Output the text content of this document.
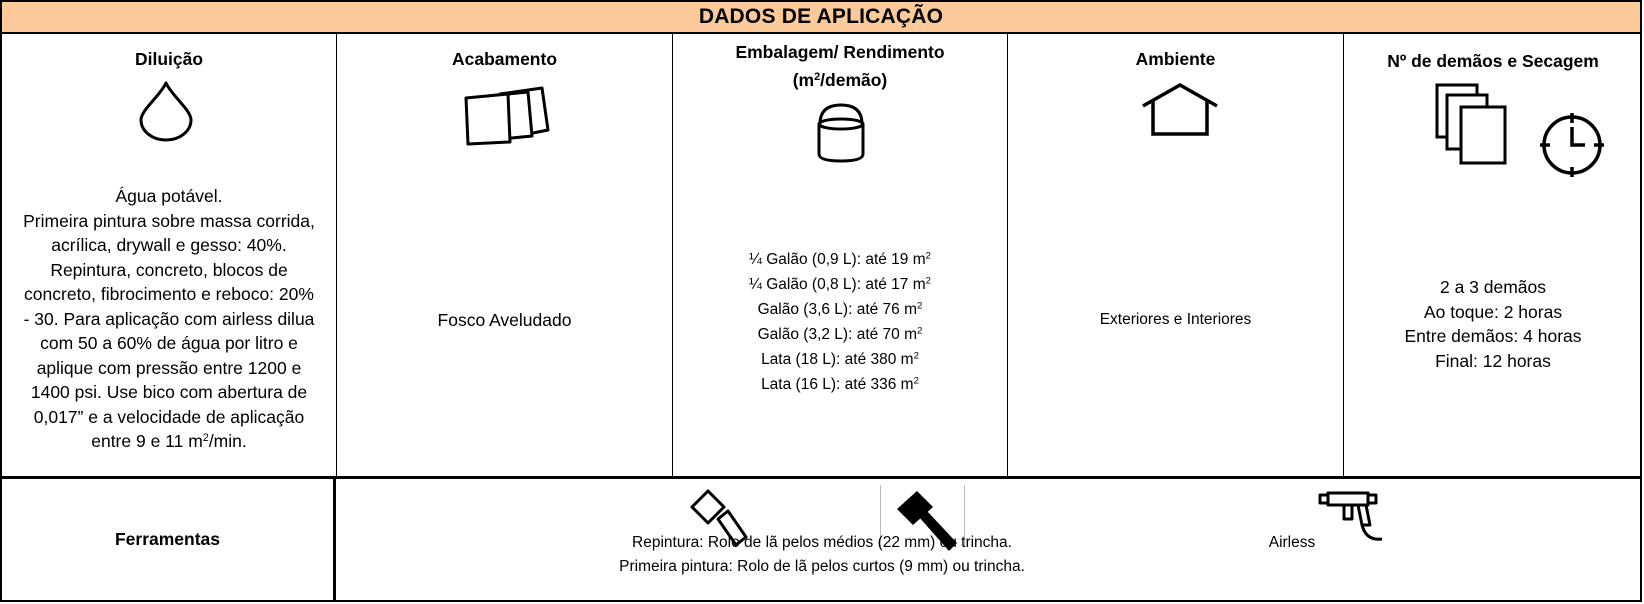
DADOS DE APLICAÇÃO
Diluição
Água potável.
Primeira pintura sobre massa corrida,
acrílica, drywall e gesso: 40%.
Repintura, concreto, blocos de
concreto, fibrocimento e reboco: 20%
- 30. Para aplicação com airless dilua
com 50 a 60% de água por litro e
aplique com pressão entre 1200 e
1400 psi. Use bico com abertura de
0,017” e a velocidade de aplicação
entre 9 e 11 $m^2/\min$.
Acabamento
Fosco Aveludado
Embalagem/ Rendimento
$(m^2/demão)$
¼ Galão (0,9 L): até 19 $m^2$
¼ Galão (0,8 L): até 17 $m^2$
Galão (3,6 L): até 76 $m^2$
Galão (3,2 L): até 70 $m^2$
Lata (18 L): até 380 $m^2$
Lata (16 L): até 336 $m^2$
Ambiente
Exteriores e Interiores
Nº de demãos e Secagem
2 a 3 demãos
Ao toque: 2 horas
Entre demãos: 4 horas
Final: 12 horas
Ferramentas	Repintura: Rolo de lã pelos médios (22 mm) ou trincha.
Primeira pintura: Rolo de lã pelos curtos (9 mm) ou trincha.
Airless
